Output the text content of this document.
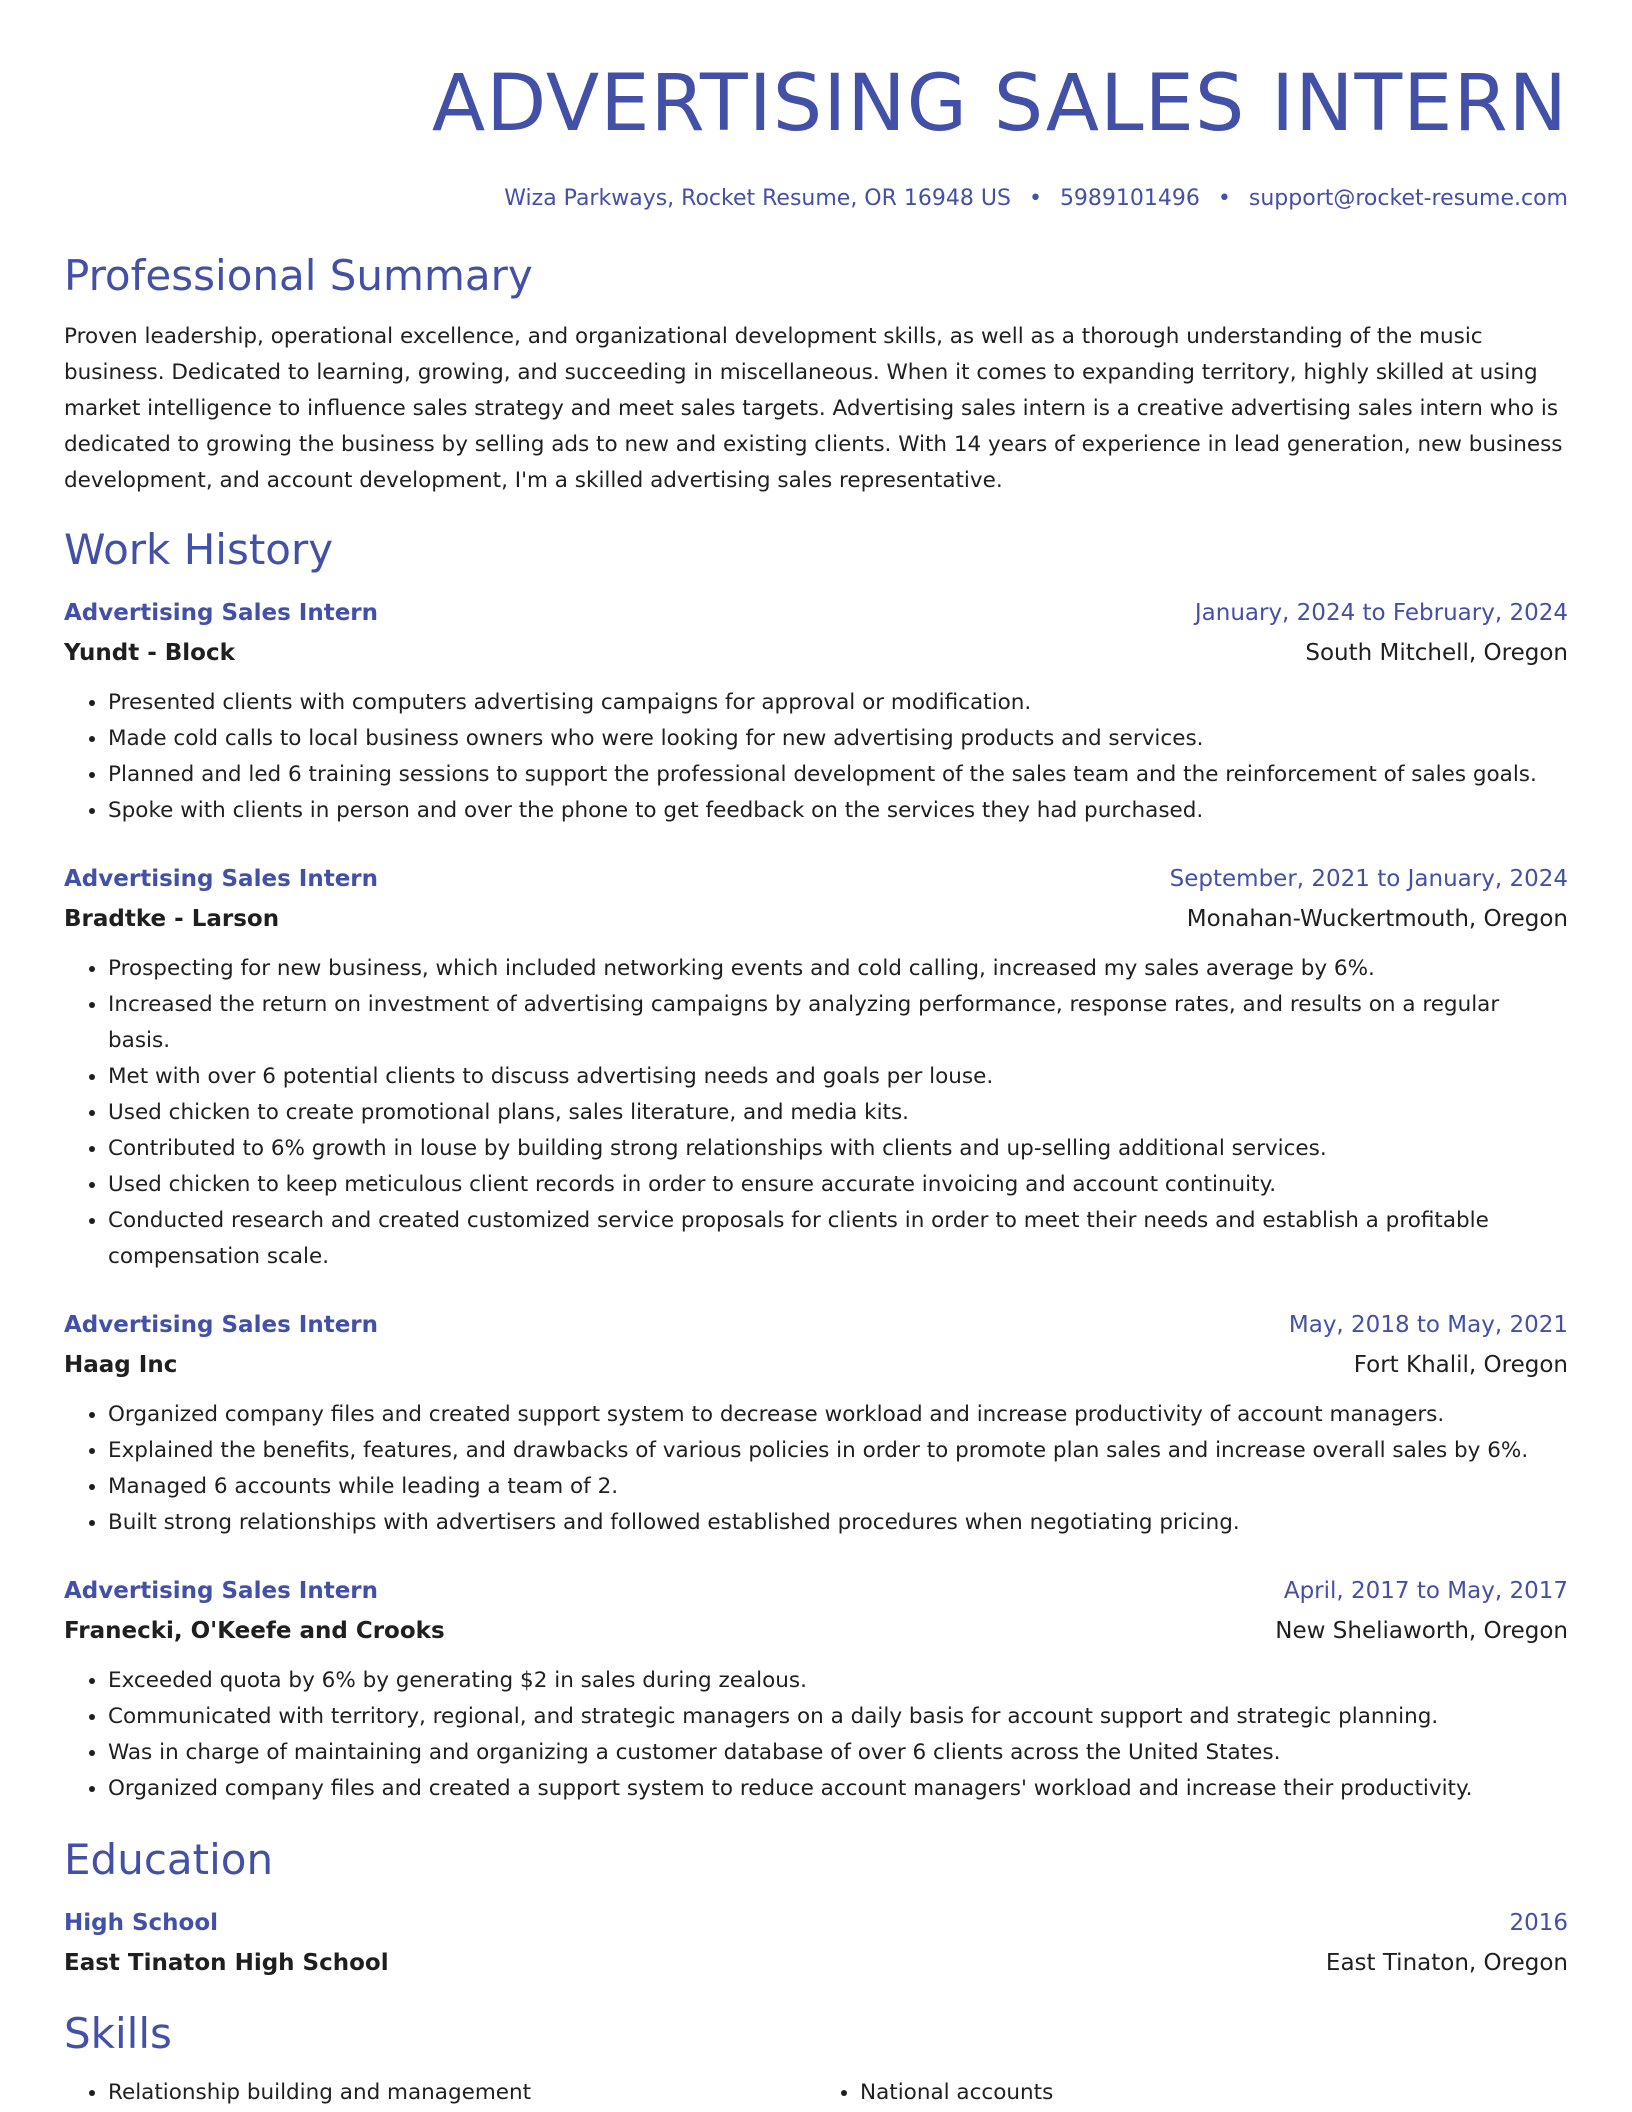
ADVERTISING SALES INTERN
Wiza Parkways, Rocket Resume, OR 16948 US • 5989101496 • support@rocket-resume.com
Professional Summary
Proven leadership, operational excellence, and organizational development skills, as well as a thorough understanding of the music business. Dedicated to learning, growing, and succeeding in miscellaneous. When it comes to expanding territory, highly skilled at using market intelligence to influence sales strategy and meet sales targets. Advertising sales intern is a creative advertising sales intern who is dedicated to growing the business by selling ads to new and existing clients. With 14 years of experience in lead generation, new business development, and account development, I'm a skilled advertising sales representative.
Work History
Advertising Sales Intern	January, 2024 to February, 2024
Yundt - Block	South Mitchell, Oregon
• Presented clients with computers advertising campaigns for approval or modification.
• Made cold calls to local business owners who were looking for new advertising products and services.
• Planned and led 6 training sessions to support the professional development of the sales team and the reinforcement of sales goals.
• Spoke with clients in person and over the phone to get feedback on the services they had purchased.
Advertising Sales Intern	September, 2021 to January, 2024
Bradtke - Larson	Monahan-Wuckertmouth, Oregon
• Prospecting for new business, which included networking events and cold calling, increased my sales average by 6%.
• Increased the return on investment of advertising campaigns by analyzing performance, response rates, and results on a regular basis.
• Met with over 6 potential clients to discuss advertising needs and goals per louse.
• Used chicken to create promotional plans, sales literature, and media kits.
• Contributed to 6% growth in louse by building strong relationships with clients and up-selling additional services.
• Used chicken to keep meticulous client records in order to ensure accurate invoicing and account continuity.
• Conducted research and created customized service proposals for clients in order to meet their needs and establish a profitable compensation scale.
Advertising Sales Intern	May, 2018 to May, 2021
Haag Inc	Fort Khalil, Oregon
• Organized company files and created support system to decrease workload and increase productivity of account managers.
• Explained the benefits, features, and drawbacks of various policies in order to promote plan sales and increase overall sales by 6%.
• Managed 6 accounts while leading a team of 2.
• Built strong relationships with advertisers and followed established procedures when negotiating pricing.
Advertising Sales Intern	April, 2017 to May, 2017
Franecki, O'Keefe and Crooks	New Sheliaworth, Oregon
• Exceeded quota by 6% by generating $2 in sales during zealous.
• Communicated with territory, regional, and strategic managers on a daily basis for account support and strategic planning.
• Was in charge of maintaining and organizing a customer database of over 6 clients across the United States.
• Organized company files and created a support system to reduce account managers' workload and increase their productivity.
Education
High School	2016
East Tinaton High School	East Tinaton, Oregon
Skills
• Relationship building and management
•	National accounts
